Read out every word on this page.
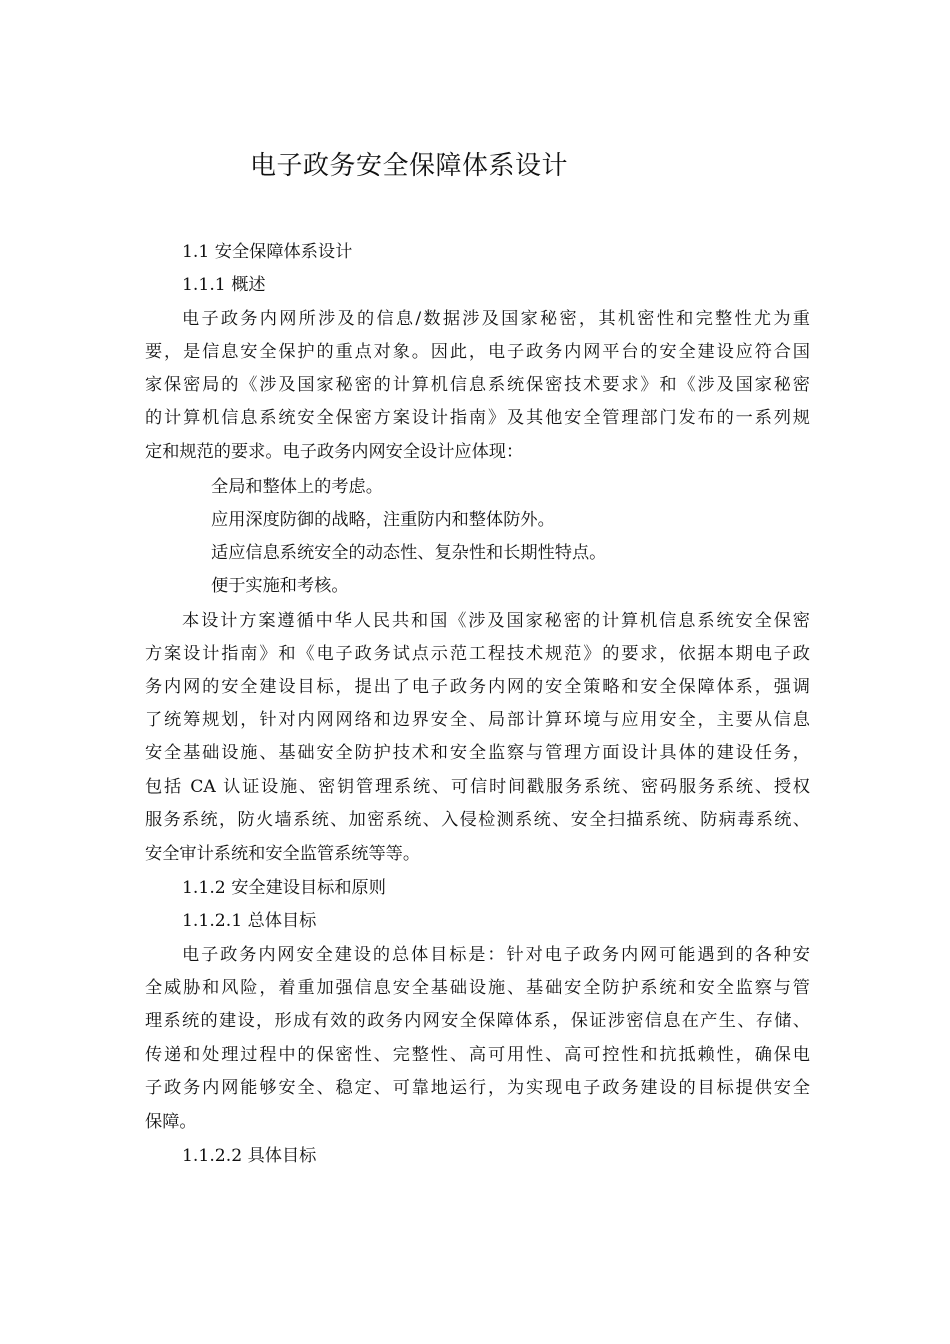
电子政务安全保障体系设计
1.1 安全保障体系设计
1.1.1 概述
电子政务内网所涉及的信息/数据涉及国家秘密，其机密性和完整性尤为重
要，是信息安全保护的重点对象。因此，电子政务内网平台的安全建设应符合国
家保密局的《涉及国家秘密的计算机信息系统保密技术要求》和《涉及国家秘密
的计算机信息系统安全保密方案设计指南》及其他安全管理部门发布的一系列规
定和规范的要求。电子政务内网安全设计应体现：
全局和整体上的考虑。
应用深度防御的战略，注重防内和整体防外。
适应信息系统安全的动态性、复杂性和长期性特点。
便于实施和考核。
本设计方案遵循中华人民共和国《涉及国家秘密的计算机信息系统安全保密
方案设计指南》和《电子政务试点示范工程技术规范》的要求，依据本期电子政
务内网的安全建设目标，提出了电子政务内网的安全策略和安全保障体系，强调
了统筹规划，针对内网网络和边界安全、局部计算环境与应用安全，主要从信息
安全基础设施、基础安全防护技术和安全监察与管理方面设计具体的建设任务，
包括 CA 认证设施、密钥管理系统、可信时间戳服务系统、密码服务系统、授权
服务系统，防火墙系统、加密系统、入侵检测系统、安全扫描系统、防病毒系统、
安全审计系统和安全监管系统等等。
1.1.2 安全建设目标和原则
1.1.2.1 总体目标
电子政务内网安全建设的总体目标是：针对电子政务内网可能遇到的各种安
全威胁和风险，着重加强信息安全基础设施、基础安全防护系统和安全监察与管
理系统的建设，形成有效的政务内网安全保障体系，保证涉密信息在产生、存储、
传递和处理过程中的保密性、完整性、高可用性、高可控性和抗抵赖性，确保电
子政务内网能够安全、稳定、可靠地运行，为实现电子政务建设的目标提供安全
保障。
1.1.2.2 具体目标
